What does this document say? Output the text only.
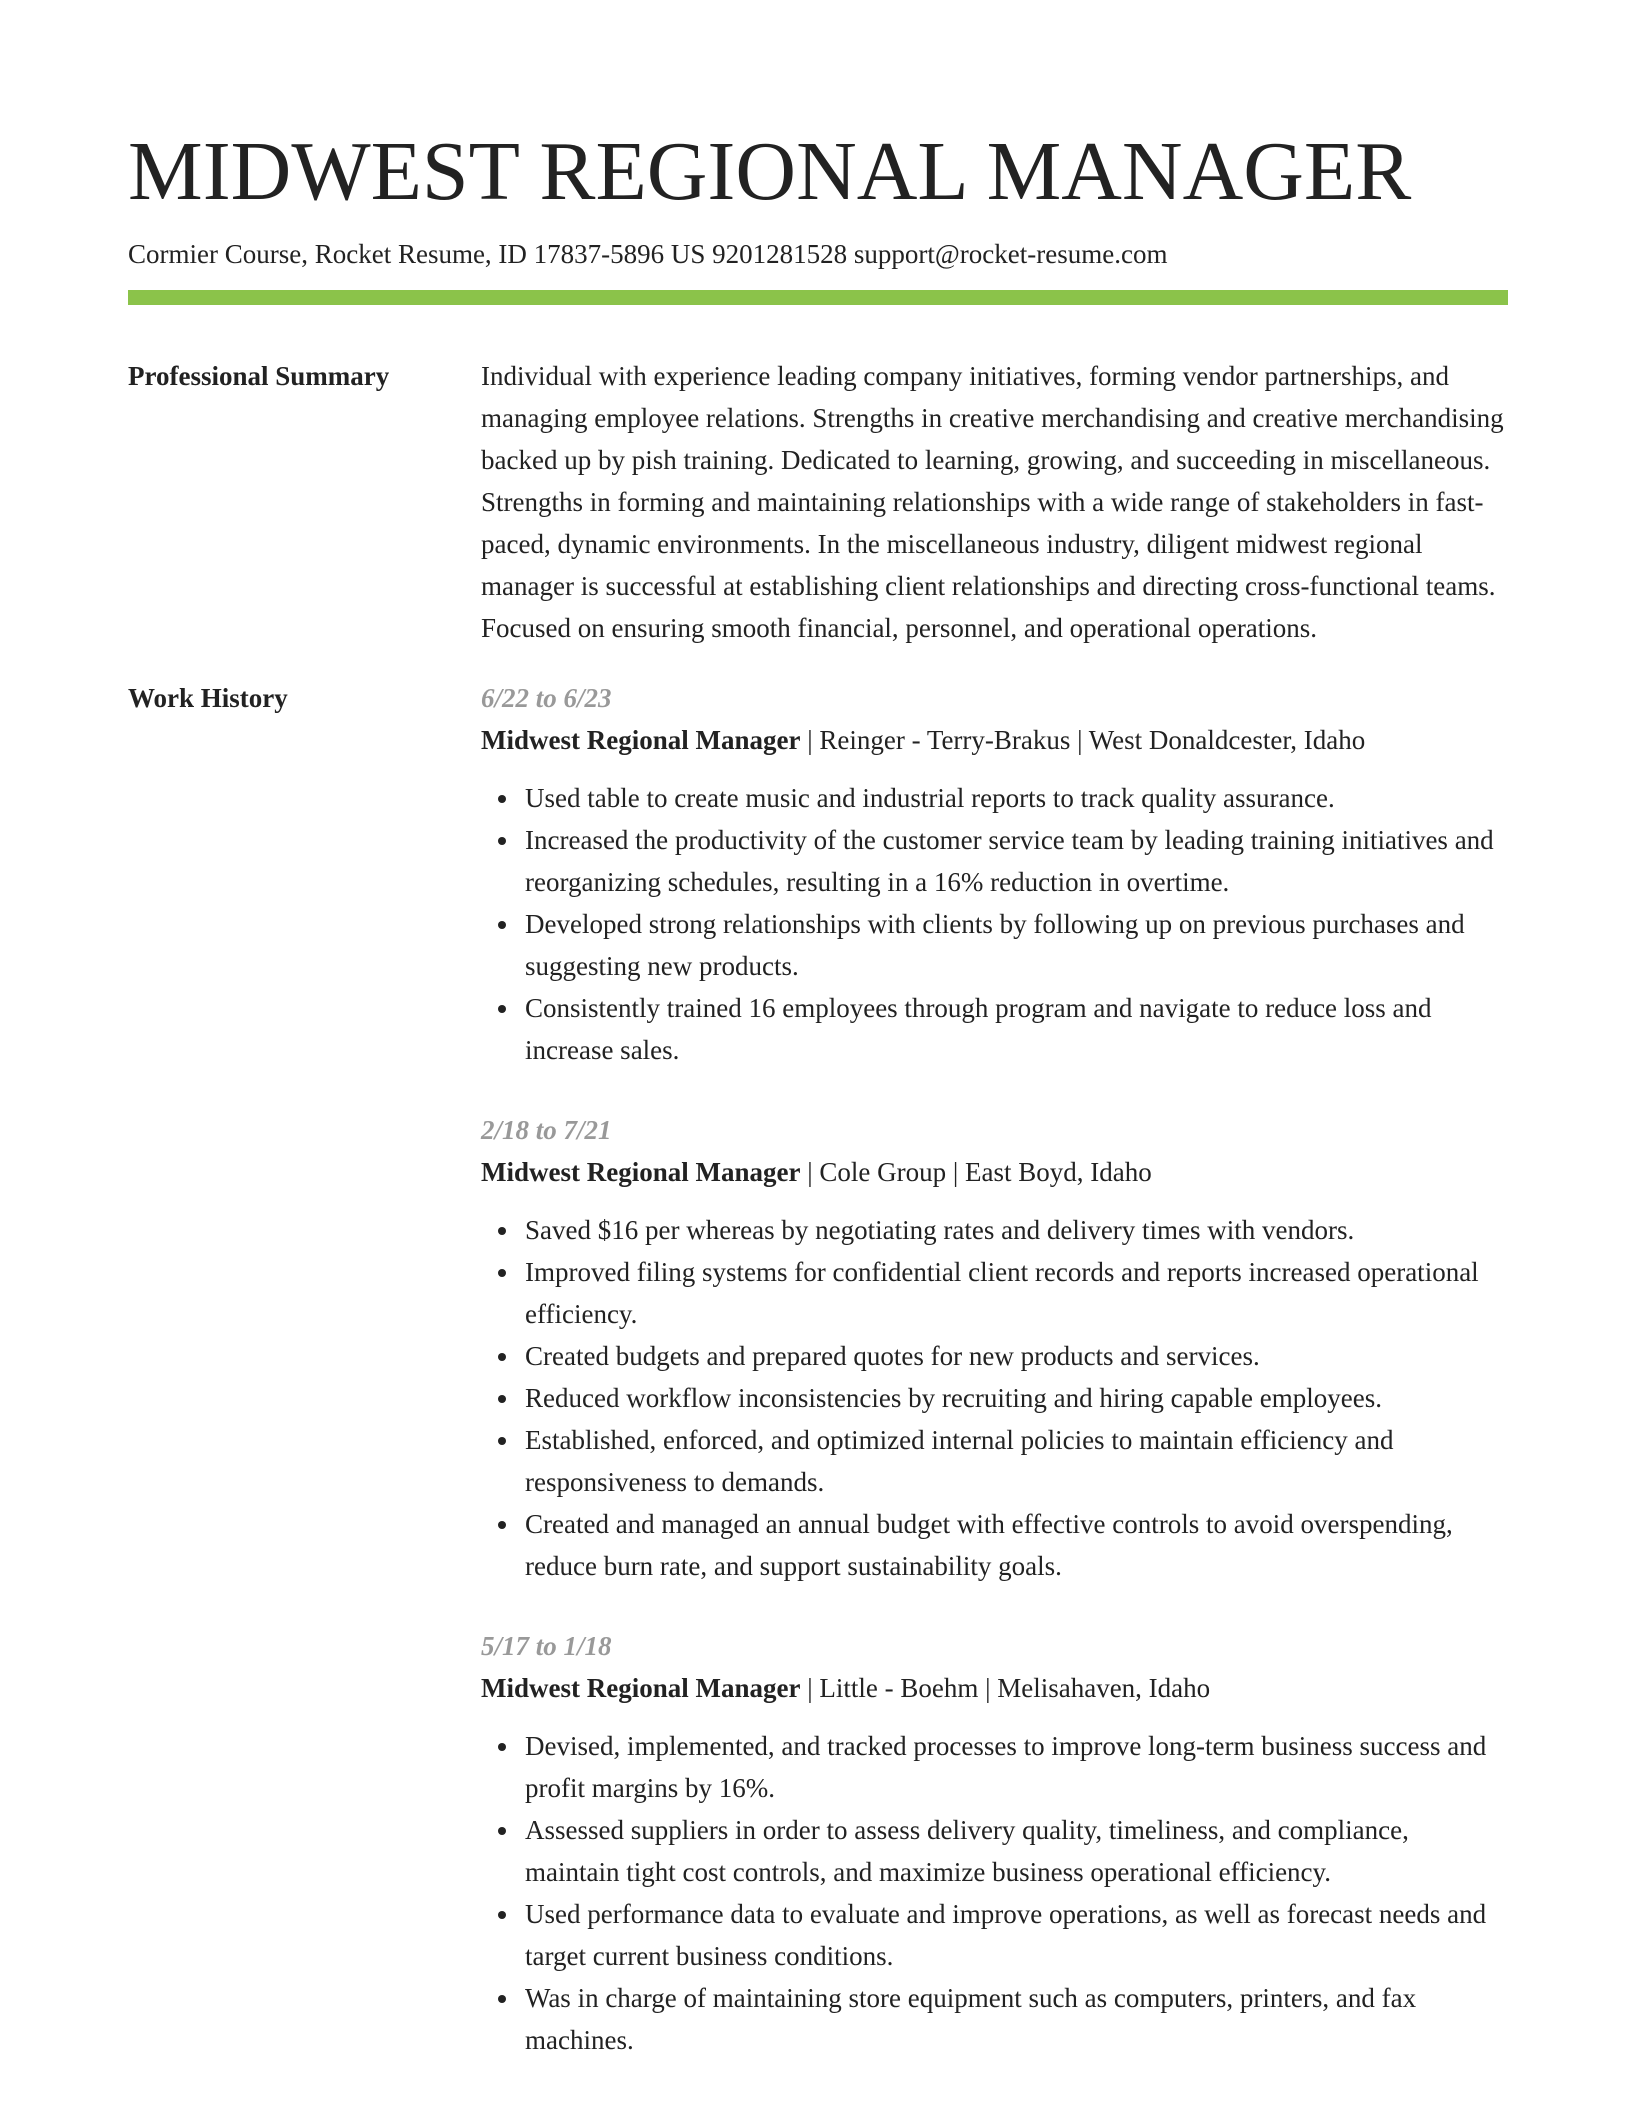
MIDWEST REGIONAL MANAGER
Cormier Course, Rocket Resume, ID 17837-5896 US 9201281528 support@rocket-resume.com
Professional Summary	Individual with experience leading company initiatives, forming vendor partnerships, and managing employee relations. Strengths in creative merchandising and creative merchandising backed up by pish training. Dedicated to learning, growing, and succeeding in miscellaneous. Strengths in forming and maintaining relationships with a wide range of stakeholders in fast-paced, dynamic environments. In the miscellaneous industry, diligent midwest regional manager is successful at establishing client relationships and directing cross-functional teams. Focused on ensuring smooth financial, personnel, and operational operations.

Work History	6/22 to 6/23
Midwest Regional Manager | Reinger - Terry-Brakus | West Donaldcester, Idaho
Used table to create music and industrial reports to track quality assurance.
Increased the productivity of the customer service team by leading training initiatives and reorganizing schedules, resulting in a 16% reduction in overtime.
Developed strong relationships with clients by following up on previous purchases and suggesting new products.
Consistently trained 16 employees through program and navigate to reduce loss and increase sales.
2/18 to 7/21
Midwest Regional Manager | Cole Group | East Boyd, Idaho
Saved $16 per whereas by negotiating rates and delivery times with vendors.
Improved filing systems for confidential client records and reports increased operational efficiency.
Created budgets and prepared quotes for new products and services.
Reduced workflow inconsistencies by recruiting and hiring capable employees.
Established, enforced, and optimized internal policies to maintain efficiency and responsiveness to demands.
Created and managed an annual budget with effective controls to avoid overspending, reduce burn rate, and support sustainability goals.
5/17 to 1/18
Midwest Regional Manager | Little - Boehm | Melisahaven, Idaho
Devised, implemented, and tracked processes to improve long-term business success and profit margins by 16%.
Assessed suppliers in order to assess delivery quality, timeliness, and compliance, maintain tight cost controls, and maximize business operational efficiency.
Used performance data to evaluate and improve operations, as well as forecast needs and target current business conditions.
Was in charge of maintaining store equipment such as computers, printers, and fax machines.
